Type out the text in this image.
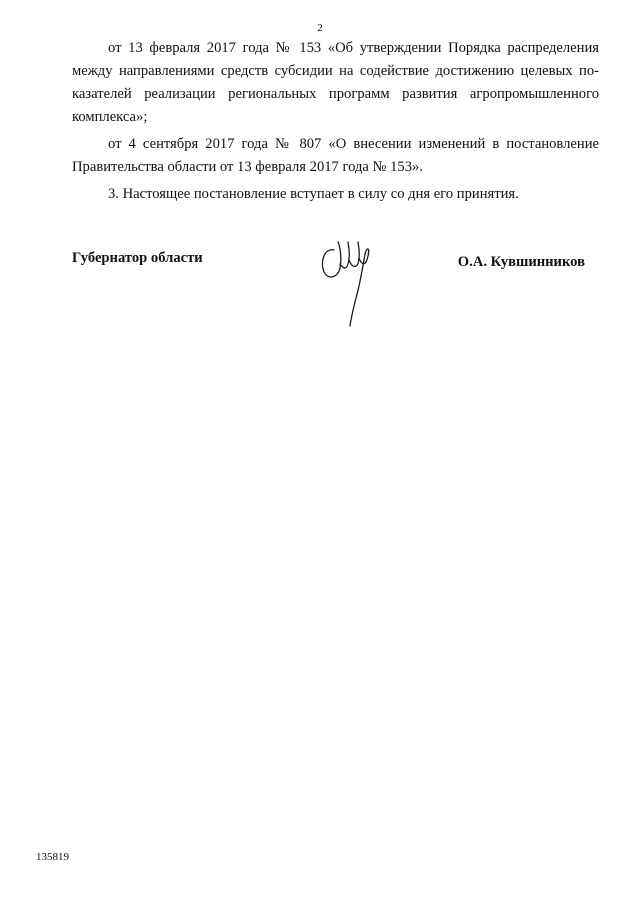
2

от 13 февраля 2017 года № 153 «Об утверждении Порядка распределения между направлениями средств субсидии на содействие достижению целевых по-казателей реализации региональных программ развития агропромышленного комплекса»;

от 4 сентября 2017 года № 807 «О внесении изменений в постановление Правительства области от 13 февраля 2017 года № 153».

3. Настоящее постановление вступает в силу со дня его принятия.

Губернатор области	О.А. Кувшинников
135819
